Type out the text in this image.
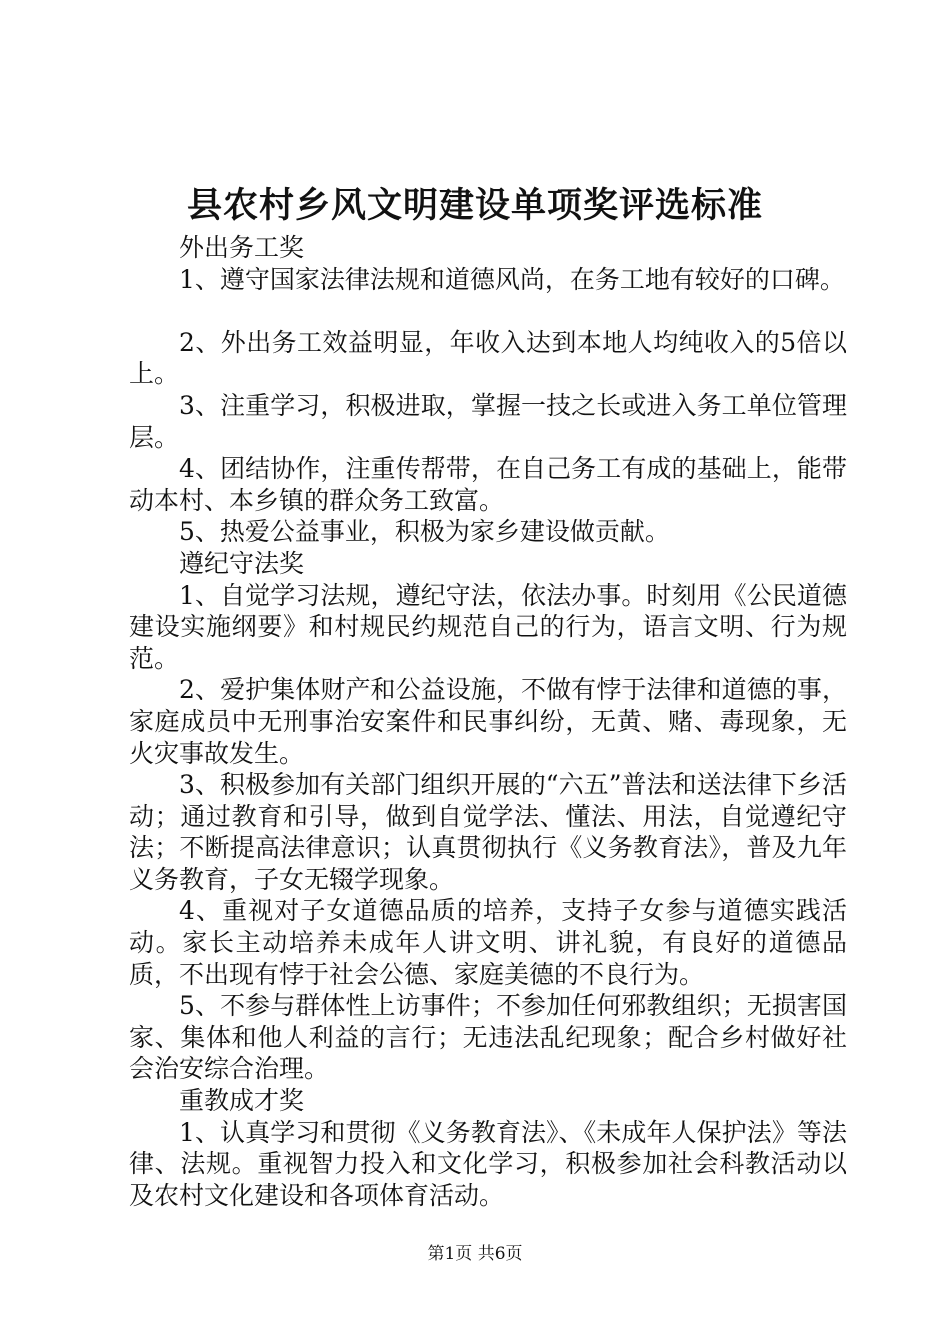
县农村乡风文明建设单项奖评选标准

外出务工奖

1、遵守国家法律法规和道德风尚，在务工地有较好的口碑。

2、外出务工效益明显，年收入达到本地人均纯收入的5倍以上。

3、注重学习，积极进取，掌握一技之长或进入务工单位管理层。

4、团结协作，注重传帮带，在自己务工有成的基础上，能带动本村、本乡镇的群众务工致富。

5、热爱公益事业，积极为家乡建设做贡献。

遵纪守法奖

1、自觉学习法规，遵纪守法，依法办事。时刻用《公民道德建设实施纲要》和村规民约规范自己的行为，语言文明、行为规范。

2、爱护集体财产和公益设施，不做有悖于法律和道德的事，家庭成员中无刑事治安案件和民事纠纷，无黄、赌、毒现象，无火灾事故发生。

3、积极参加有关部门组织开展的“六五”普法和送法律下乡活动；通过教育和引导，做到自觉学法、懂法、用法，自觉遵纪守法；不断提高法律意识；认真贯彻执行《义务教育法》，普及九年义务教育，子女无辍学现象。

4、重视对子女道德品质的培养，支持子女参与道德实践活动。家长主动培养未成年人讲文明、讲礼貌，有良好的道德品质，不出现有悖于社会公德、家庭美德的不良行为。

5、不参与群体性上访事件；不参加任何邪教组织；无损害国家、集体和他人利益的言行；无违法乱纪现象；配合乡村做好社会治安综合治理。

重教成才奖

1、认真学习和贯彻《义务教育法》、《未成年人保护法》等法律、法规。重视智力投入和文化学习，积极参加社会科教活动以及农村文化建设和各项体育活动。

第1页 共6页
